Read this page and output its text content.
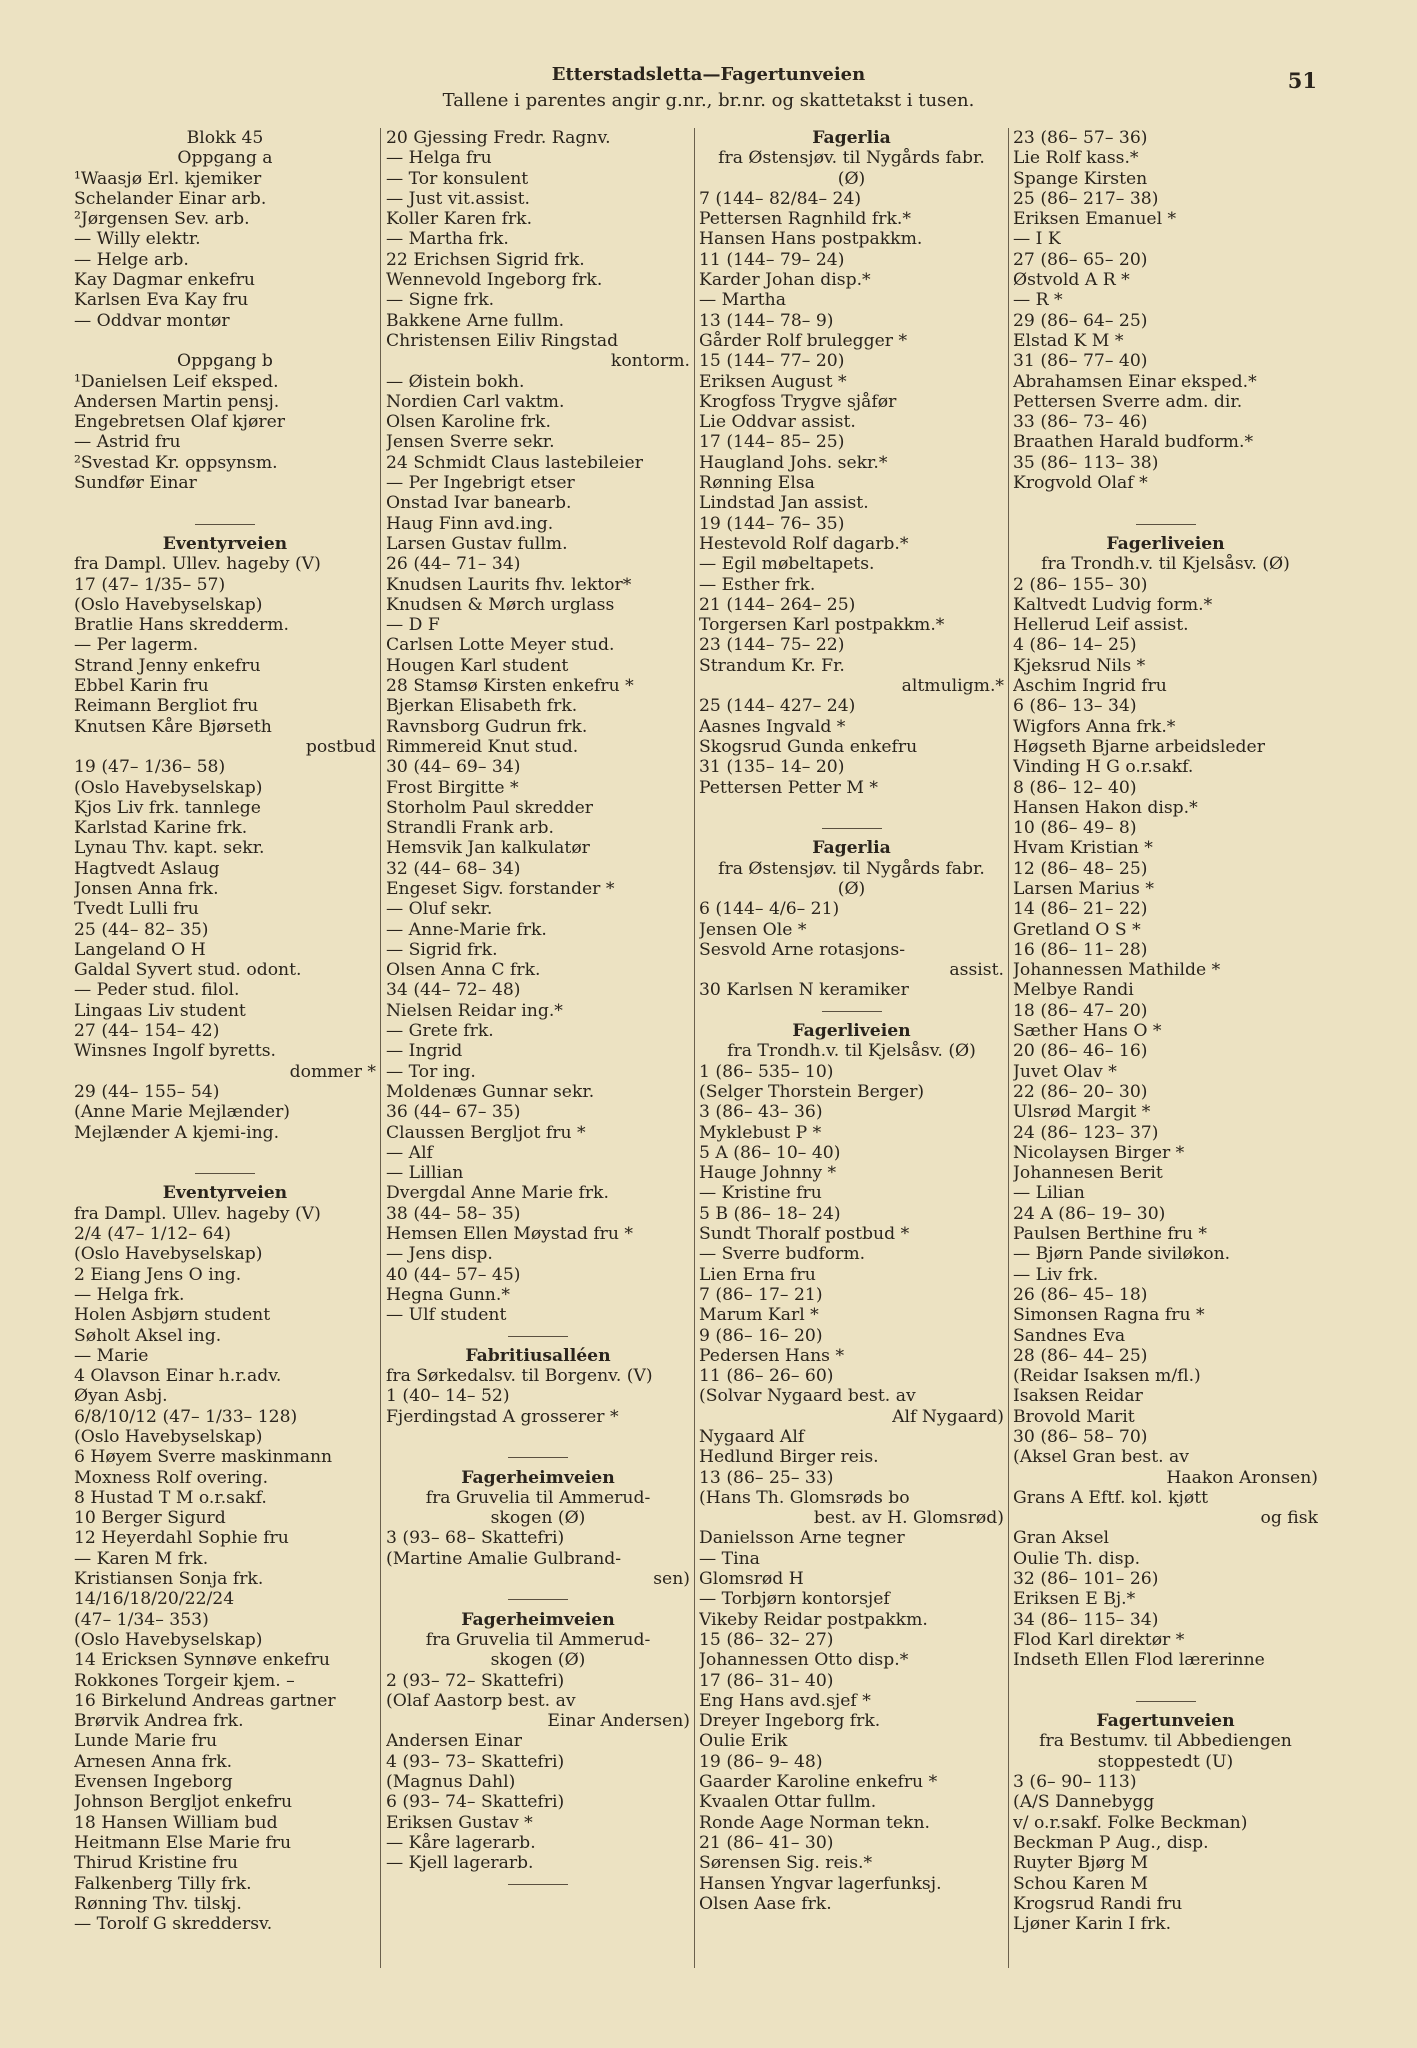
Etterstadsletta—Fagertunveien
Tallene i parentes angir g.nr., br.nr. og skattetakst i tusen.
51
Blokk 45
Oppgang a
¹Waasjø Erl. kjemiker
Schelander Einar arb.
²Jørgensen Sev. arb.
— Willy elektr.
— Helge arb.
Kay Dagmar enkefru
Karlsen Eva Kay fru
— Oddvar montør
Oppgang b
¹Danielsen Leif eksped.
Andersen Martin pensj.
Engebretsen Olaf kjører
— Astrid fru
²Svestad Kr. oppsynsm.
Sundfør Einar
Eventyrveien
fra Dampl. Ullev. hageby (V)
17 (47– 1/35– 57)
(Oslo Havebyselskap)
Bratlie Hans skredderm.
— Per lagerm.
Strand Jenny enkefru
Ebbel Karin fru
Reimann Bergliot fru
Knutsen Kåre Bjørseth
postbud
19 (47– 1/36– 58)
(Oslo Havebyselskap)
Kjos Liv frk. tannlege
Karlstad Karine frk.
Lynau Thv. kapt. sekr.
Hagtvedt Aslaug
Jonsen Anna frk.
Tvedt Lulli fru
25 (44– 82– 35)
Langeland O H
Galdal Syvert stud. odont.
— Peder stud. filol.
Lingaas Liv student
27 (44– 154– 42)
Winsnes Ingolf byretts.
dommer *
29 (44– 155– 54)
(Anne Marie Mejlænder)
Mejlænder A kjemi-ing.
Eventyrveien
fra Dampl. Ullev. hageby (V)
2/4 (47– 1/12– 64)
(Oslo Havebyselskap)
2 Eiang Jens O ing.
— Helga frk.
Holen Asbjørn student
Søholt Aksel ing.
— Marie
4 Olavson Einar h.r.adv.
Øyan Asbj.
6/8/10/12 (47– 1/33– 128)
(Oslo Havebyselskap)
6 Høyem Sverre maskinmann
Moxness Rolf overing.
8 Hustad T M o.r.sakf.
10 Berger Sigurd
12 Heyerdahl Sophie fru
— Karen M frk.
Kristiansen Sonja frk.
14/16/18/20/22/24
(47– 1/34– 353)
(Oslo Havebyselskap)
14 Ericksen Synnøve enkefru
Rokkones Torgeir kjem. –
16 Birkelund Andreas gartner
Brørvik Andrea frk.
Lunde Marie fru
Arnesen Anna frk.
Evensen Ingeborg
Johnson Bergljot enkefru
18 Hansen William bud
Heitmann Else Marie fru
Thirud Kristine fru
Falkenberg Tilly frk.
Rønning Thv. tilskj.
— Torolf G skreddersv.
20 Gjessing Fredr. Ragnv.
— Helga fru
— Tor konsulent
— Just vit.assist.
Koller Karen frk.
— Martha frk.
22 Erichsen Sigrid frk.
Wennevold Ingeborg frk.
— Signe frk.
Bakkene Arne fullm.
Christensen Eiliv Ringstad
kontorm.
— Øistein bokh.
Nordien Carl vaktm.
Olsen Karoline frk.
Jensen Sverre sekr.
24 Schmidt Claus lastebileier
— Per Ingebrigt etser
Onstad Ivar banearb.
Haug Finn avd.ing.
Larsen Gustav fullm.
26 (44– 71– 34)
Knudsen Laurits fhv. lektor*
Knudsen & Mørch urglass
— D F
Carlsen Lotte Meyer stud.
Hougen Karl student
28 Stamsø Kirsten enkefru *
Bjerkan Elisabeth frk.
Ravnsborg Gudrun frk.
Rimmereid Knut stud.
30 (44– 69– 34)
Frost Birgitte *
Storholm Paul skredder
Strandli Frank arb.
Hemsvik Jan kalkulatør
32 (44– 68– 34)
Engeset Sigv. forstander *
— Oluf sekr.
— Anne-Marie frk.
— Sigrid frk.
Olsen Anna C frk.
34 (44– 72– 48)
Nielsen Reidar ing.*
— Grete frk.
— Ingrid
— Tor ing.
Moldenæs Gunnar sekr.
36 (44– 67– 35)
Claussen Bergljot fru *
— Alf
— Lillian
Dvergdal Anne Marie frk.
38 (44– 58– 35)
Hemsen Ellen Møystad fru *
— Jens disp.
40 (44– 57– 45)
Hegna Gunn.*
— Ulf student
Fabritiusalléen
fra Sørkedalsv. til Borgenv. (V)
1 (40– 14– 52)
Fjerdingstad A grosserer *
Fagerheimveien
fra Gruvelia til Ammerud-
skogen (Ø)
3 (93– 68– Skattefri)
(Martine Amalie Gulbrand-
sen)
Fagerheimveien
fra Gruvelia til Ammerud-
skogen (Ø)
2 (93– 72– Skattefri)
(Olaf Aastorp best. av
Einar Andersen)
Andersen Einar
4 (93– 73– Skattefri)
(Magnus Dahl)
6 (93– 74– Skattefri)
Eriksen Gustav *
— Kåre lagerarb.
— Kjell lagerarb.
Fagerlia
fra Østensjøv. til Nygårds fabr.
(Ø)
7 (144– 82/84– 24)
Pettersen Ragnhild frk.*
Hansen Hans postpakkm.
11 (144– 79– 24)
Karder Johan disp.*
— Martha
13 (144– 78– 9)
Gårder Rolf brulegger *
15 (144– 77– 20)
Eriksen August *
Krogfoss Trygve sjåfør
Lie Oddvar assist.
17 (144– 85– 25)
Haugland Johs. sekr.*
Rønning Elsa
Lindstad Jan assist.
19 (144– 76– 35)
Hestevold Rolf dagarb.*
— Egil møbeltapets.
— Esther frk.
21 (144– 264– 25)
Torgersen Karl postpakkm.*
23 (144– 75– 22)
Strandum Kr. Fr.
altmuligm.*
25 (144– 427– 24)
Aasnes Ingvald *
Skogsrud Gunda enkefru
31 (135– 14– 20)
Pettersen Petter M *
Fagerlia
fra Østensjøv. til Nygårds fabr.
(Ø)
6 (144– 4/6– 21)
Jensen Ole *
Sesvold Arne rotasjons-
assist.
30 Karlsen N keramiker
Fagerliveien
fra Trondh.v. til Kjelsåsv. (Ø)
1 (86– 535– 10)
(Selger Thorstein Berger)
3 (86– 43– 36)
Myklebust P *
5 A (86– 10– 40)
Hauge Johnny *
— Kristine fru
5 B (86– 18– 24)
Sundt Thoralf postbud *
— Sverre budform.
Lien Erna fru
7 (86– 17– 21)
Marum Karl *
9 (86– 16– 20)
Pedersen Hans *
11 (86– 26– 60)
(Solvar Nygaard best. av
Alf Nygaard)
Nygaard Alf
Hedlund Birger reis.
13 (86– 25– 33)
(Hans Th. Glomsrøds bo
best. av H. Glomsrød)
Danielsson Arne tegner
— Tina
Glomsrød H
— Torbjørn kontorsjef
Vikeby Reidar postpakkm.
15 (86– 32– 27)
Johannessen Otto disp.*
17 (86– 31– 40)
Eng Hans avd.sjef *
Dreyer Ingeborg frk.
Oulie Erik
19 (86– 9– 48)
Gaarder Karoline enkefru *
Kvaalen Ottar fullm.
Ronde Aage Norman tekn.
21 (86– 41– 30)
Sørensen Sig. reis.*
Hansen Yngvar lagerfunksj.
Olsen Aase frk.
23 (86– 57– 36)
Lie Rolf kass.*
Spange Kirsten
25 (86– 217– 38)
Eriksen Emanuel *
— I K
27 (86– 65– 20)
Østvold A R *
— R *
29 (86– 64– 25)
Elstad K M *
31 (86– 77– 40)
Abrahamsen Einar eksped.*
Pettersen Sverre adm. dir.
33 (86– 73– 46)
Braathen Harald budform.*
35 (86– 113– 38)
Krogvold Olaf *
Fagerliveien
fra Trondh.v. til Kjelsåsv. (Ø)
2 (86– 155– 30)
Kaltvedt Ludvig form.*
Hellerud Leif assist.
4 (86– 14– 25)
Kjeksrud Nils *
Aschim Ingrid fru
6 (86– 13– 34)
Wigfors Anna frk.*
Høgseth Bjarne arbeidsleder
Vinding H G o.r.sakf.
8 (86– 12– 40)
Hansen Hakon disp.*
10 (86– 49– 8)
Hvam Kristian *
12 (86– 48– 25)
Larsen Marius *
14 (86– 21– 22)
Gretland O S *
16 (86– 11– 28)
Johannessen Mathilde *
Melbye Randi
18 (86– 47– 20)
Sæther Hans O *
20 (86– 46– 16)
Juvet Olav *
22 (86– 20– 30)
Ulsrød Margit *
24 (86– 123– 37)
Nicolaysen Birger *
Johannesen Berit
— Lilian
24 A (86– 19– 30)
Paulsen Berthine fru *
— Bjørn Pande siviløkon.
— Liv frk.
26 (86– 45– 18)
Simonsen Ragna fru *
Sandnes Eva
28 (86– 44– 25)
(Reidar Isaksen m/fl.)
Isaksen Reidar
Brovold Marit
30 (86– 58– 70)
(Aksel Gran best. av
Haakon Aronsen)
Grans A Eftf. kol. kjøtt
og fisk
Gran Aksel
Oulie Th. disp.
32 (86– 101– 26)
Eriksen E Bj.*
34 (86– 115– 34)
Flod Karl direktør *
Indseth Ellen Flod lærerinne
Fagertunveien
fra Bestumv. til Abbediengen
stoppestedt (U)
3 (6– 90– 113)
(A/S Dannebygg
v/ o.r.sakf. Folke Beckman)
Beckman P Aug., disp.
Ruyter Bjørg M
Schou Karen M
Krogsrud Randi fru
Ljøner Karin I frk.
